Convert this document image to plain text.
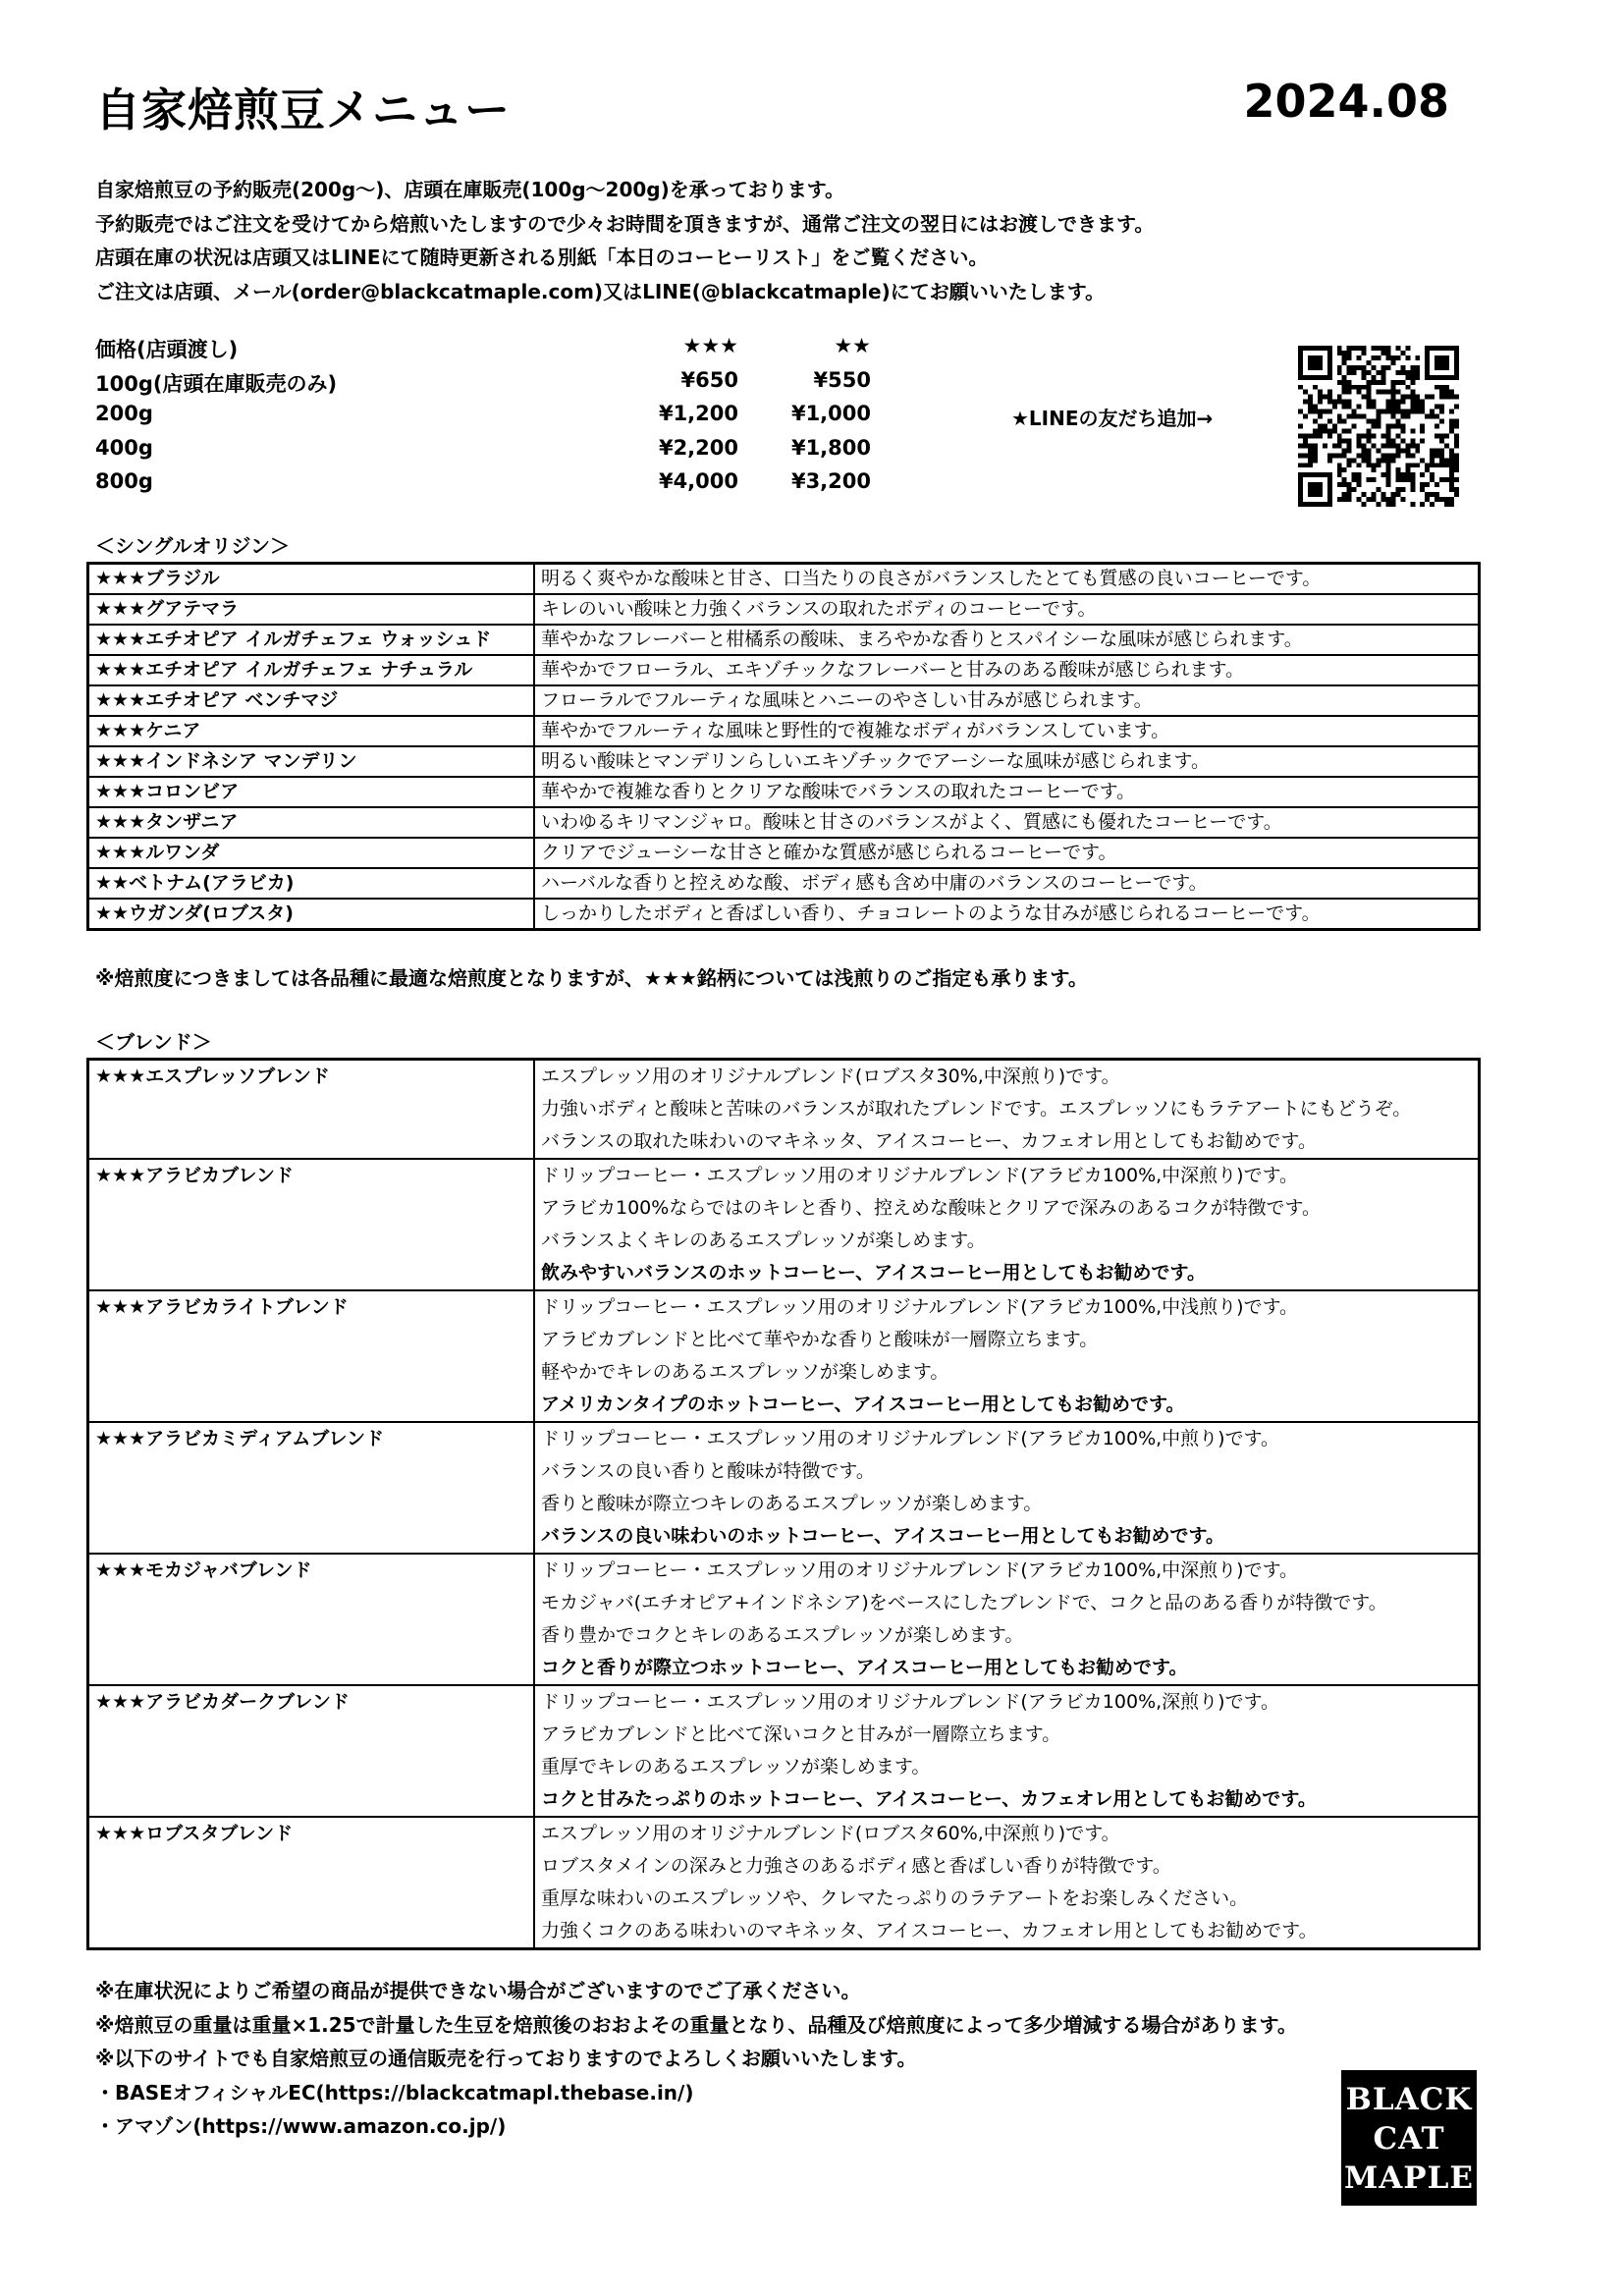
自家焙煎豆メニュー	2024.08
自家焙煎豆の予約販売(200g～)、店頭在庫販売(100g～200g)を承っております。
予約販売ではご注文を受けてから焙煎いたしますので少々お時間を頂きますが、通常ご注文の翌日にはお渡しできます。
店頭在庫の状況は店頭又はLINEにて随時更新される別紙「本日のコーヒーリスト」をご覧ください。
ご注文は店頭、メール(order@blackcatmaple.com)又はLINE(@blackcatmaple)にてお願いいたします。
価格(店頭渡し)	★★★	★★
100g(店頭在庫販売のみ)	¥650	¥550
200g	¥1,200	¥1,000
400g	¥2,200	¥1,800
800g	¥4,000	¥3,200
★LINEの友だち追加→
＜シングルオリジン＞
★★★ブラジル	明るく爽やかな酸味と甘さ、口当たりの良さがバランスしたとても質感の良いコーヒーです。
★★★グアテマラ	キレのいい酸味と力強くバランスの取れたボディのコーヒーです。
★★★エチオピア イルガチェフェ ウォッシュド	華やかなフレーバーと柑橘系の酸味、まろやかな香りとスパイシーな風味が感じられます。
★★★エチオピア イルガチェフェ ナチュラル	華やかでフローラル、エキゾチックなフレーバーと甘みのある酸味が感じられます。
★★★エチオピア ベンチマジ	フローラルでフルーティな風味とハニーのやさしい甘みが感じられます。
★★★ケニア	華やかでフルーティな風味と野性的で複雑なボディがバランスしています。
★★★インドネシア マンデリン	明るい酸味とマンデリンらしいエキゾチックでアーシーな風味が感じられます。
★★★コロンビア	華やかで複雑な香りとクリアな酸味でバランスの取れたコーヒーです。
★★★タンザニア	いわゆるキリマンジャロ。酸味と甘さのバランスがよく、質感にも優れたコーヒーです。
★★★ルワンダ	クリアでジューシーな甘さと確かな質感が感じられるコーヒーです。
★★ベトナム(アラビカ)	ハーバルな香りと控えめな酸、ボディ感も含め中庸のバランスのコーヒーです。
★★ウガンダ(ロブスタ)	しっかりしたボディと香ばしい香り、チョコレートのような甘みが感じられるコーヒーです。
※焙煎度につきましては各品種に最適な焙煎度となりますが、★★★銘柄については浅煎りのご指定も承ります。
＜ブレンド＞
★★★エスプレッソブレンド	エスプレッソ用のオリジナルブレンド(ロブスタ30%,中深煎り)です。
力強いボディと酸味と苦味のバランスが取れたブレンドです。エスプレッソにもラテアートにもどうぞ。
バランスの取れた味わいのマキネッタ、アイスコーヒー、カフェオレ用としてもお勧めです。

★★★アラビカブレンド	ドリップコーヒー・エスプレッソ用のオリジナルブレンド(アラビカ100%,中深煎り)です。
アラビカ100%ならではのキレと香り、控えめな酸味とクリアで深みのあるコクが特徴です。
バランスよくキレのあるエスプレッソが楽しめます。
飲みやすいバランスのホットコーヒー、アイスコーヒー用としてもお勧めです。

★★★アラビカライトブレンド	ドリップコーヒー・エスプレッソ用のオリジナルブレンド(アラビカ100%,中浅煎り)です。
アラビカブレンドと比べて華やかな香りと酸味が一層際立ちます。
軽やかでキレのあるエスプレッソが楽しめます。
アメリカンタイプのホットコーヒー、アイスコーヒー用としてもお勧めです。

★★★アラビカミディアムブレンド	ドリップコーヒー・エスプレッソ用のオリジナルブレンド(アラビカ100%,中煎り)です。
バランスの良い香りと酸味が特徴です。
香りと酸味が際立つキレのあるエスプレッソが楽しめます。
バランスの良い味わいのホットコーヒー、アイスコーヒー用としてもお勧めです。

★★★モカジャバブレンド	ドリップコーヒー・エスプレッソ用のオリジナルブレンド(アラビカ100%,中深煎り)です。
モカジャバ(エチオピア+インドネシア)をベースにしたブレンドで、コクと品のある香りが特徴です。
香り豊かでコクとキレのあるエスプレッソが楽しめます。
コクと香りが際立つホットコーヒー、アイスコーヒー用としてもお勧めです。

★★★アラビカダークブレンド	ドリップコーヒー・エスプレッソ用のオリジナルブレンド(アラビカ100%,深煎り)です。
アラビカブレンドと比べて深いコクと甘みが一層際立ちます。
重厚でキレのあるエスプレッソが楽しめます。
コクと甘みたっぷりのホットコーヒー、アイスコーヒー、カフェオレ用としてもお勧めです。

★★★ロブスタブレンド	エスプレッソ用のオリジナルブレンド(ロブスタ60%,中深煎り)です。
ロブスタメインの深みと力強さのあるボディ感と香ばしい香りが特徴です。
重厚な味わいのエスプレッソや、クレマたっぷりのラテアートをお楽しみください。
力強くコクのある味わいのマキネッタ、アイスコーヒー、カフェオレ用としてもお勧めです。
※在庫状況によりご希望の商品が提供できない場合がございますのでご了承ください。
※焙煎豆の重量は重量×1.25で計量した生豆を焙煎後のおおよその重量となり、品種及び焙煎度によって多少増減する場合があります。
※以下のサイトでも自家焙煎豆の通信販売を行っておりますのでよろしくお願いいたします。
・BASEオフィシャルEC(https://blackcatmapl.thebase.in/)
・アマゾン(https://www.amazon.co.jp/)
BLACK
CAT
MAPLE
